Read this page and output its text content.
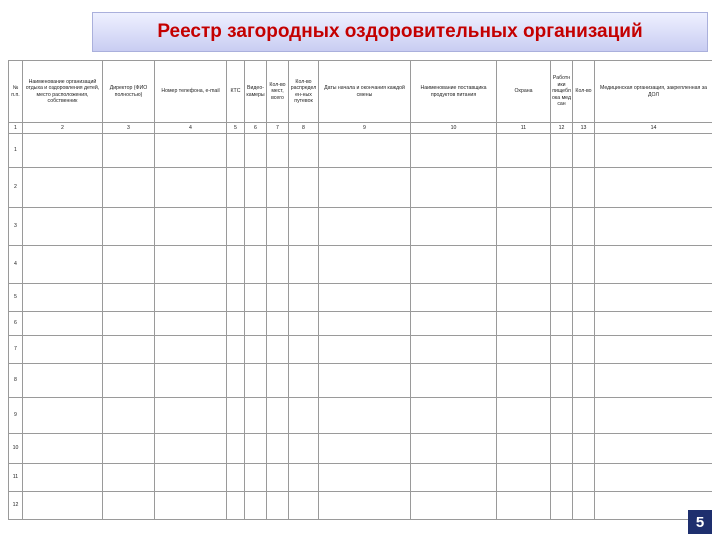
Реестр загородных оздоровительных организаций
№ п.п.	Наименование организаций отдыха и оздоровления детей, место расположения, собственник	Директор (ФИО полностью)	Номер телефона, e-mail	КТС	Видео-камеры	Кол-во мест, всего	Кол-во распределен-ных путевок	Даты начала и окончания каждой смены	Наименование поставщика продуктов питания	Охрана	Работники пищеблока мед сан	Кол-во	Медицинская организация, закрепленная за ДОЛ
1	2	3	4	5	6	7	8	9	10	11	12	13	14
1													
2													
3													
4													
5													
6													
7													
8													
9													
10													
11													
12													
5
